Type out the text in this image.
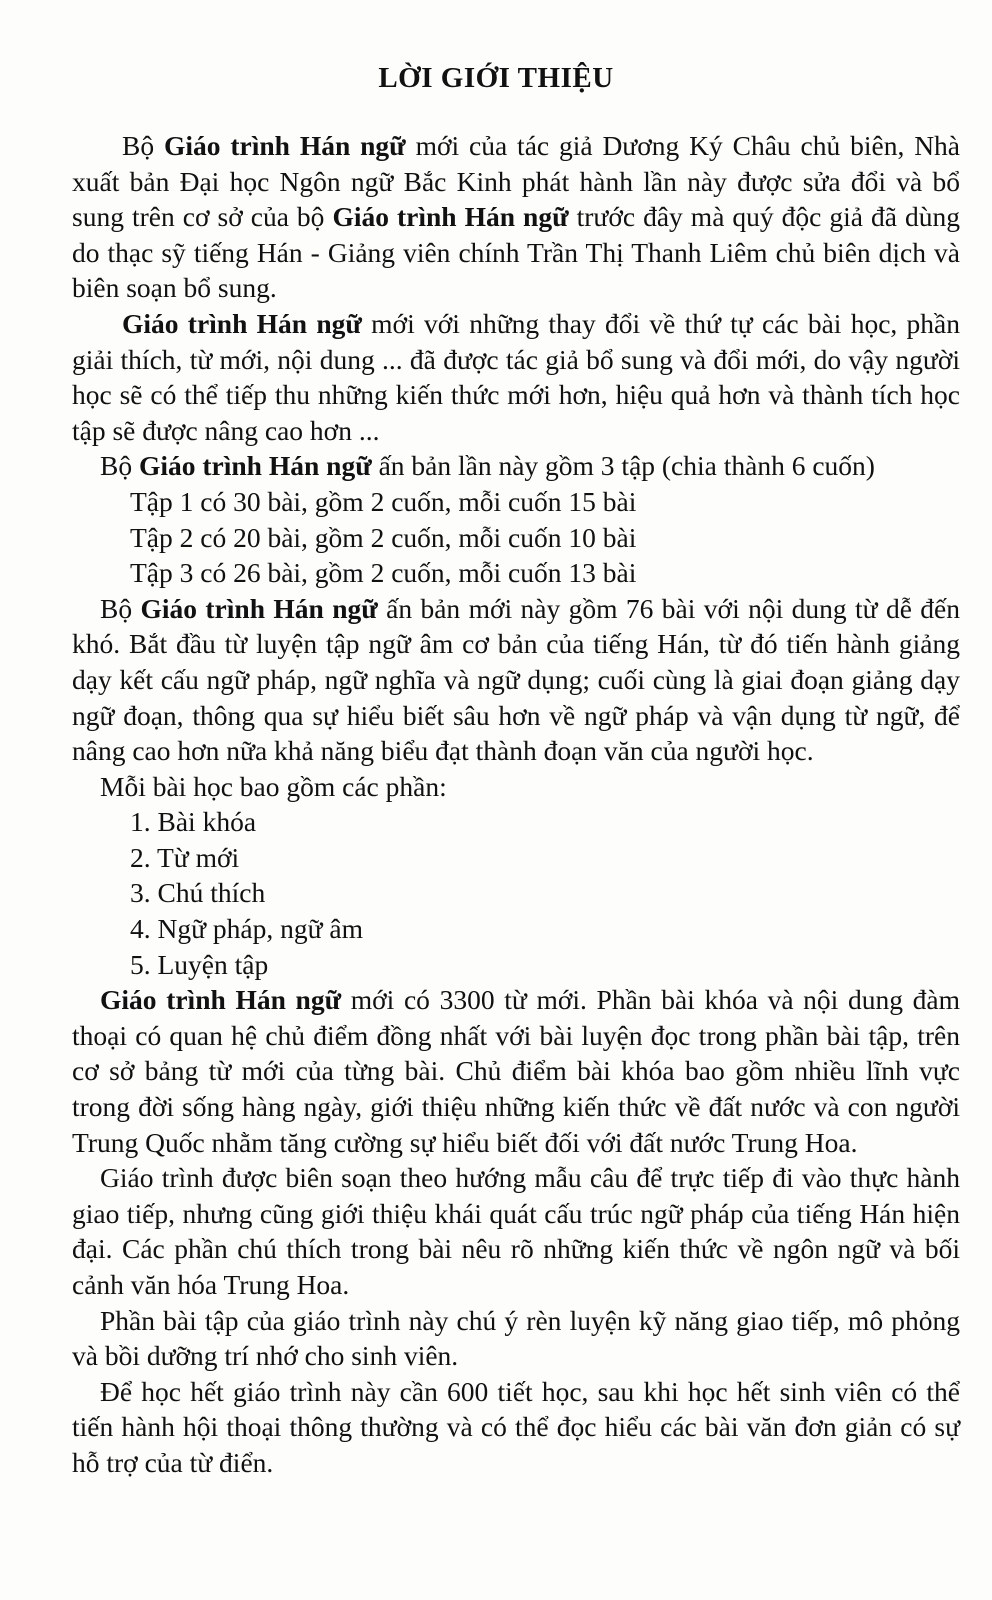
LỜI GIỚI THIỆU

Bộ Giáo trình Hán ngữ mới của tác giả Dương Ký Châu chủ biên, Nhà xuất bản Đại học Ngôn ngữ Bắc Kinh phát hành lần này được sửa đổi và bổ sung trên cơ sở của bộ Giáo trình Hán ngữ trước đây mà quý độc giả đã dùng do thạc sỹ tiếng Hán - Giảng viên chính Trần Thị Thanh Liêm chủ biên dịch và biên soạn bổ sung.

Giáo trình Hán ngữ mới với những thay đổi về thứ tự các bài học, phần giải thích, từ mới, nội dung ... đã được tác giả bổ sung và đổi mới, do vậy người học sẽ có thể tiếp thu những kiến thức mới hơn, hiệu quả hơn và thành tích học tập sẽ được nâng cao hơn ...

Bộ Giáo trình Hán ngữ ấn bản lần này gồm 3 tập (chia thành 6 cuốn)

Tập 1 có 30 bài, gồm 2 cuốn, mỗi cuốn 15 bài

Tập 2 có 20 bài, gồm 2 cuốn, mỗi cuốn 10 bài

Tập 3 có 26 bài, gồm 2 cuốn, mỗi cuốn 13 bài

Bộ Giáo trình Hán ngữ ấn bản mới này gồm 76 bài với nội dung từ dễ đến khó. Bắt đầu từ luyện tập ngữ âm cơ bản của tiếng Hán, từ đó tiến hành giảng dạy kết cấu ngữ pháp, ngữ nghĩa và ngữ dụng; cuối cùng là giai đoạn giảng dạy ngữ đoạn, thông qua sự hiểu biết sâu hơn về ngữ pháp và vận dụng từ ngữ, để nâng cao hơn nữa khả năng biểu đạt thành đoạn văn của người học.

Mỗi bài học bao gồm các phần:

1. Bài khóa

2. Từ mới

3. Chú thích

4. Ngữ pháp, ngữ âm

5. Luyện tập

Giáo trình Hán ngữ mới có 3300 từ mới. Phần bài khóa và nội dung đàm thoại có quan hệ chủ điểm đồng nhất với bài luyện đọc trong phần bài tập, trên cơ sở bảng từ mới của từng bài. Chủ điểm bài khóa bao gồm nhiều lĩnh vực trong đời sống hàng ngày, giới thiệu những kiến thức về đất nước và con người Trung Quốc nhằm tăng cường sự hiểu biết đối với đất nước Trung Hoa.

Giáo trình được biên soạn theo hướng mẫu câu để trực tiếp đi vào thực hành giao tiếp, nhưng cũng giới thiệu khái quát cấu trúc ngữ pháp của tiếng Hán hiện đại. Các phần chú thích trong bài nêu rõ những kiến thức về ngôn ngữ và bối cảnh văn hóa Trung Hoa.

Phần bài tập của giáo trình này chú ý rèn luyện kỹ năng giao tiếp, mô phỏng và bồi dưỡng trí nhớ cho sinh viên.

Để học hết giáo trình này cần 600 tiết học, sau khi học hết sinh viên có thể tiến hành hội thoại thông thường và có thể đọc hiểu các bài văn đơn giản có sự hỗ trợ của từ điển.
